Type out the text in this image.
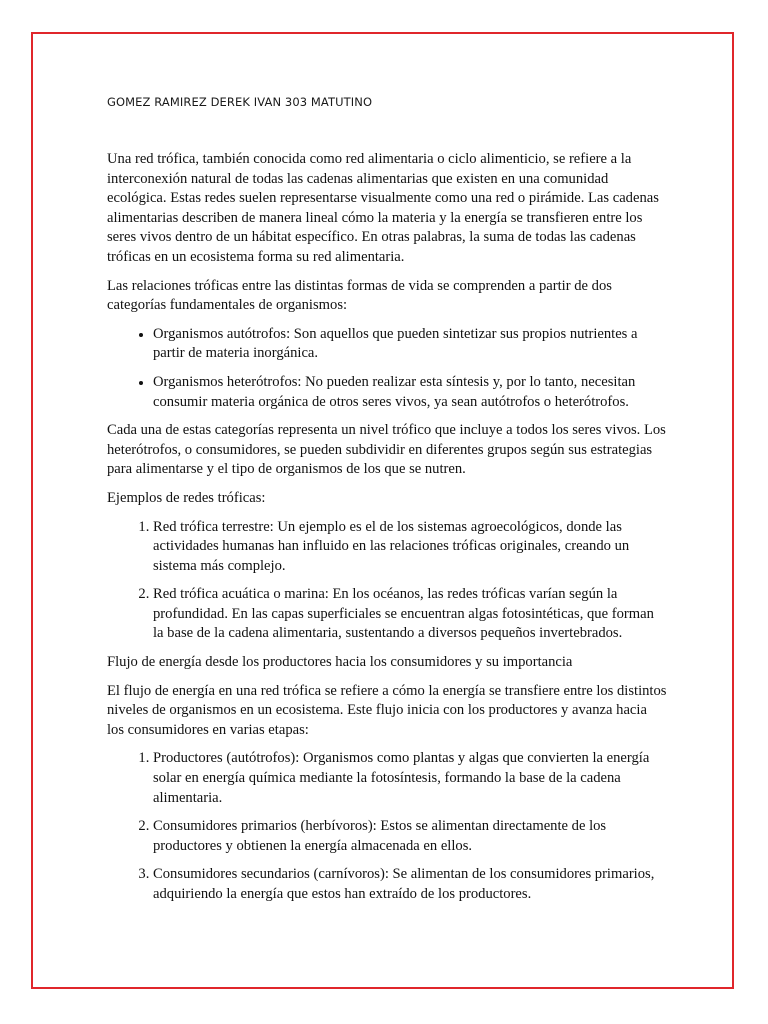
GOMEZ RAMIREZ DEREK IVAN 303 MATUTINO

Una red trófica, también conocida como red alimentaria o ciclo alimenticio, se refiere a la interconexión natural de todas las cadenas alimentarias que existen en una comunidad ecológica. Estas redes suelen representarse visualmente como una red o pirámide. Las cadenas alimentarias describen de manera lineal cómo la materia y la energía se transfieren entre los seres vivos dentro de un hábitat específico. En otras palabras, la suma de todas las cadenas tróficas en un ecosistema forma su red alimentaria.

Las relaciones tróficas entre las distintas formas de vida se comprenden a partir de dos categorías fundamentales de organismos:

• Organismos autótrofos: Son aquellos que pueden sintetizar sus propios nutrientes a partir de materia inorgánica.
• Organismos heterótrofos: No pueden realizar esta síntesis y, por lo tanto, necesitan consumir materia orgánica de otros seres vivos, ya sean autótrofos o heterótrofos.

Cada una de estas categorías representa un nivel trófico que incluye a todos los seres vivos. Los heterótrofos, o consumidores, se pueden subdividir en diferentes grupos según sus estrategias para alimentarse y el tipo de organismos de los que se nutren.

Ejemplos de redes tróficas:

1. Red trófica terrestre: Un ejemplo es el de los sistemas agroecológicos, donde las actividades humanas han influido en las relaciones tróficas originales, creando un sistema más complejo.
2. Red trófica acuática o marina: En los océanos, las redes tróficas varían según la profundidad. En las capas superficiales se encuentran algas fotosintéticas, que forman la base de la cadena alimentaria, sustentando a diversos pequeños invertebrados.

Flujo de energía desde los productores hacia los consumidores y su importancia

El flujo de energía en una red trófica se refiere a cómo la energía se transfiere entre los distintos niveles de organismos en un ecosistema. Este flujo inicia con los productores y avanza hacia los consumidores en varias etapas:

1. Productores (autótrofos): Organismos como plantas y algas que convierten la energía solar en energía química mediante la fotosíntesis, formando la base de la cadena alimentaria.
2. Consumidores primarios (herbívoros): Estos se alimentan directamente de los productores y obtienen la energía almacenada en ellos.
3. Consumidores secundarios (carnívoros): Se alimentan de los consumidores primarios, adquiriendo la energía que estos han extraído de los productores.
